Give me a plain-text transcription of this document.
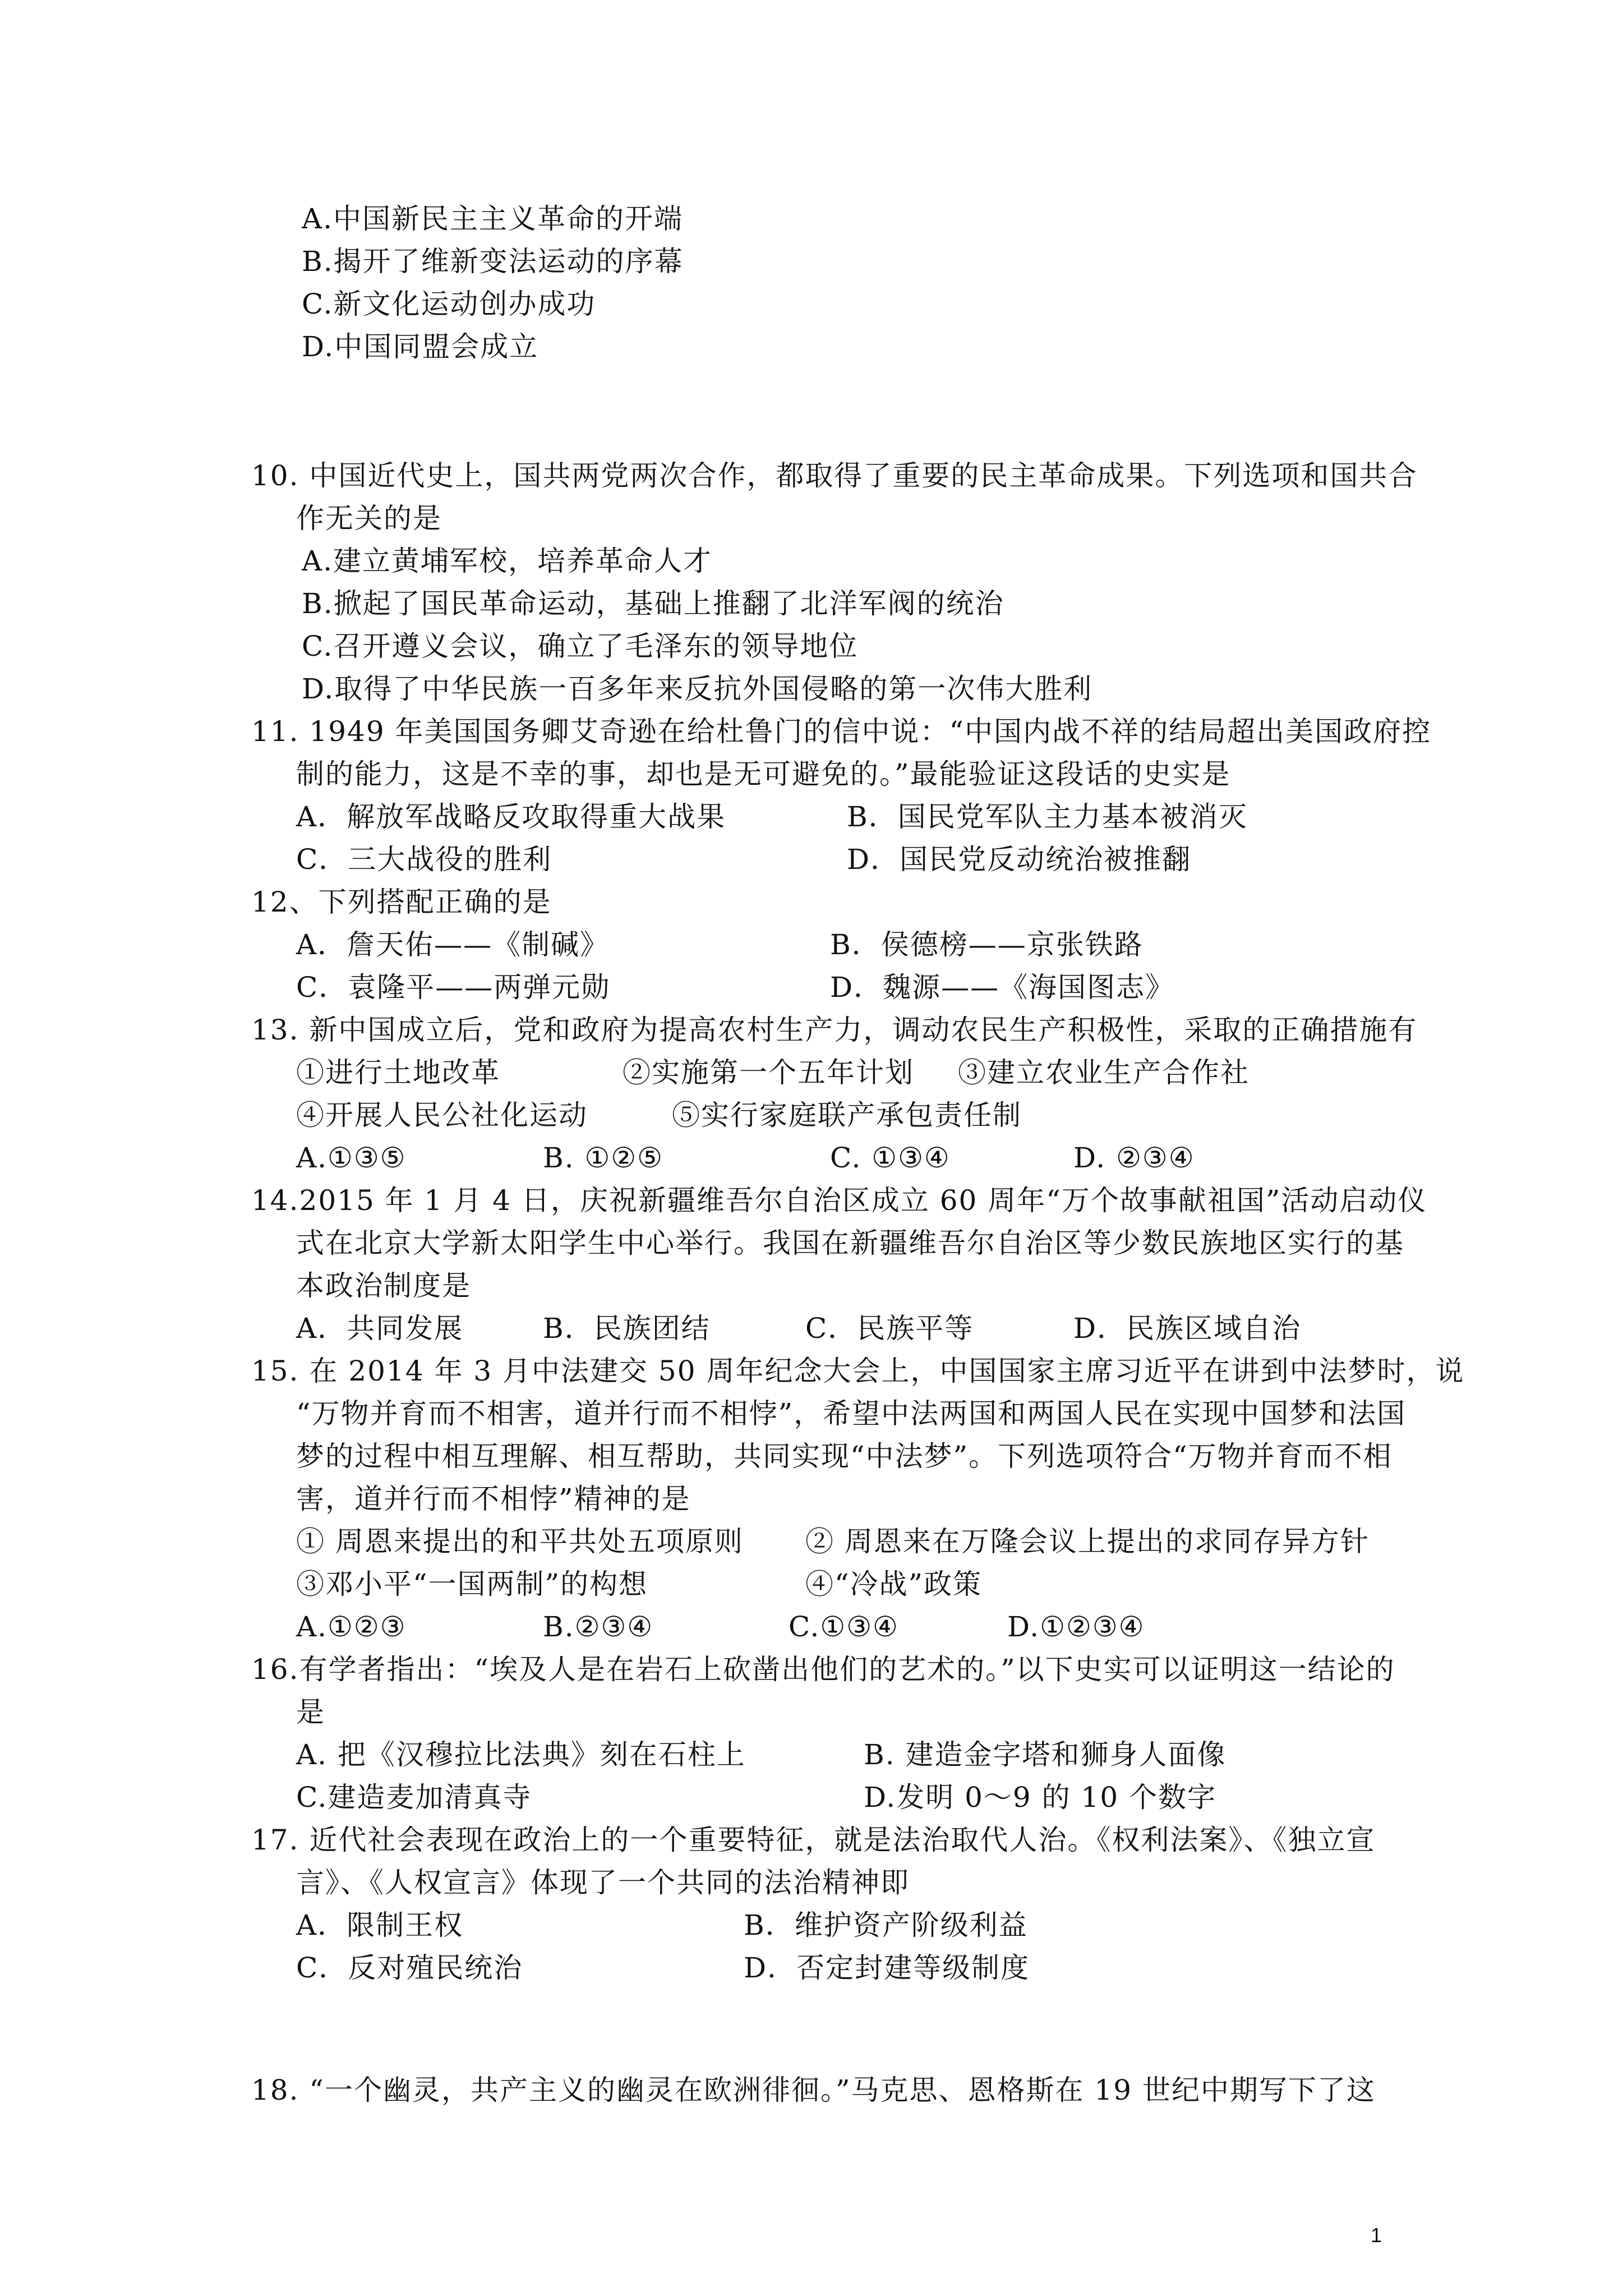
A.中国新民主主义革命的开端
B.揭开了维新变法运动的序幕
C.新文化运动创办成功
D.中国同盟会成立
10. 中国近代史上，国共两党两次合作，都取得了重要的民主革命成果。下列选项和国共合
作无关的是
A.建立黄埔军校，培养革命人才
B.掀起了国民革命运动，基础上推翻了北洋军阀的统治
C.召开遵义会议，确立了毛泽东的领导地位
D.取得了中华民族一百多年来反抗外国侵略的第一次伟大胜利
11. 1949 年美国国务卿艾奇逊在给杜鲁门的信中说：“中国内战不祥的结局超出美国政府控
制的能力，这是不幸的事，却也是无可避免的。”最能验证这段话的史实是
A．解放军战略反攻取得重大战果	B．国民党军队主力基本被消灭
C．三大战役的胜利	D．国民党反动统治被推翻
12、下列搭配正确的是
A．詹天佑——《制碱》	B．侯德榜——京张铁路
C．袁隆平——两弹元勋	D．魏源——《海国图志》
13. 新中国成立后，党和政府为提高农村生产力，调动农民生产积极性，采取的正确措施有
①进行土地改革	②实施第一个五年计划 ③建立农业生产合作社
④开展人民公社化运动	⑤实行家庭联产承包责任制
A.①③⑤	B. ①②⑤	C. ①③④	D. ②③④
14.2015 年 1 月 4 日，庆祝新疆维吾尔自治区成立 60 周年“万个故事献祖国”活动启动仪
式在北京大学新太阳学生中心举行。我国在新疆维吾尔自治区等少数民族地区实行的基
本政治制度是
A．共同发展	B．民族团结	C．民族平等	D．民族区域自治
15. 在 2014 年 3 月中法建交 50 周年纪念大会上，中国国家主席习近平在讲到中法梦时，说
“万物并育而不相害，道并行而不相悖”，希望中法两国和两国人民在实现中国梦和法国
梦的过程中相互理解、相互帮助，共同实现“中法梦”。下列选项符合“万物并育而不相
害，道并行而不相悖”精神的是
① 周恩来提出的和平共处五项原则 ② 周恩来在万隆会议上提出的求同存异方针
③邓小平“一国两制”的构想	④“冷战”政策
A.①②③	B.②③④	C.①③④	D.①②③④
16.有学者指出：“埃及人是在岩石上砍凿出他们的艺术的。”以下史实可以证明这一结论的
是
A. 把《汉穆拉比法典》刻在石柱上	B. 建造金字塔和狮身人面像
C.建造麦加清真寺	D.发明 0～9 的 10 个数字
17. 近代社会表现在政治上的一个重要特征，就是法治取代人治。《权利法案》、《独立宣
言》、《人权宣言》体现了一个共同的法治精神即
A．限制王权	B．维护资产阶级利益
C．反对殖民统治	D．否定封建等级制度
18. “一个幽灵，共产主义的幽灵在欧洲徘徊。”马克思、恩格斯在 19 世纪中期写下了这
1
